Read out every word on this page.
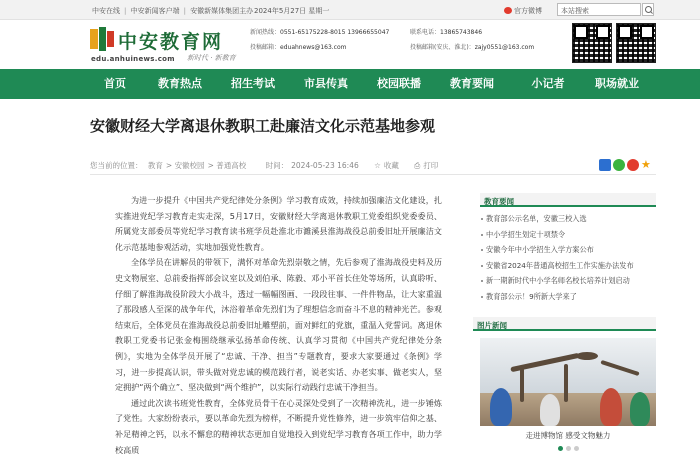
中安在线 | 中安新闻客户端 | 安徽新媒体集团主办 2024年5月27日 星期一	官方微博	本站搜索
中安教育网
edu.anhuinews.com 新时代 · 新教育
新闻热线：0551-65175228-8015 13966655047
投稿邮箱：eduahnews@163.com
联系电话：13865743846
投稿邮箱(安庆、淮北)：zajy0551@163.com
首页	教育热点	招生考试	市县传真	校园联播	教育要闻	小记者	职场就业
安徽财经大学离退休教职工赴廉洁文化示范基地参观
您当前的位置： 教育 > 安徽校园 > 普通高校	时间： 2024-05-23 16:46 ☆ 收藏 ⎙ 打印	★

为进一步提升《中国共产党纪律处分条例》学习教育成效，持续加强廉洁文化建设，扎实推进党纪学习教育走实走深，5月17日，安徽财经大学离退休教职工党委组织党委委员、所属党支部委员等党纪学习教育读书班学员赴淮北市濉溪县淮海战役总前委旧址开展廉洁文化示范基地参观活动，实地加强党性教育。

全体学员在讲解员的带领下，满怀对革命先烈崇敬之情，先后参观了淮海战役史料及历史文物展室、总前委指挥部会议室以及刘伯承、陈毅、邓小平首长住处等场所，认真聆听、仔细了解淮海战役阶段大小战斗，透过一幅幅图画、一段段往事、一件件物品，让大家重温了那段感人至深的战争年代，沐浴着革命先烈们为了理想信念而奋斗不息的精神光芒。参观结束后，全体党员在淮海战役总前委旧址雕塑前，面对鲜红的党旗，重温入党誓词。离退休教职工党委书记张金梅围绕继承弘扬革命传统、认真学习贯彻《中国共产党纪律处分条例》，实地为全体学员开展了“忠诚、干净、担当”专题教育，要求大家要通过《条例》学习，进一步提高认识，带头做对党忠诚的模范践行者，说老实话、办老实事、做老实人，坚定拥护“两个确立”、坚决做到“两个维护”，以实际行动践行忠诚干净担当。

通过此次读书班党性教育，全体党员骨干在心灵深处受到了一次精神洗礼，进一步锤炼了党性。大家纷纷表示，要以革命先烈为榜样，不断提升党性修养，进一步筑牢信仰之基、补足精神之钙，以永不懈怠的精神状态更加自觉地投入到党纪学习教育各项工作中，助力学校高质

教育要闻
教育部公示名单，安徽三校入选
中小学招生划定十项禁令
安徽今年中小学招生入学方案公布
安徽省2024年普通高校招生工作实施办法发布
新一期新时代中小学名师名校长培养计划启动
教育部公示！9所新大学来了
图片新闻
走进博物馆 感受文物魅力
